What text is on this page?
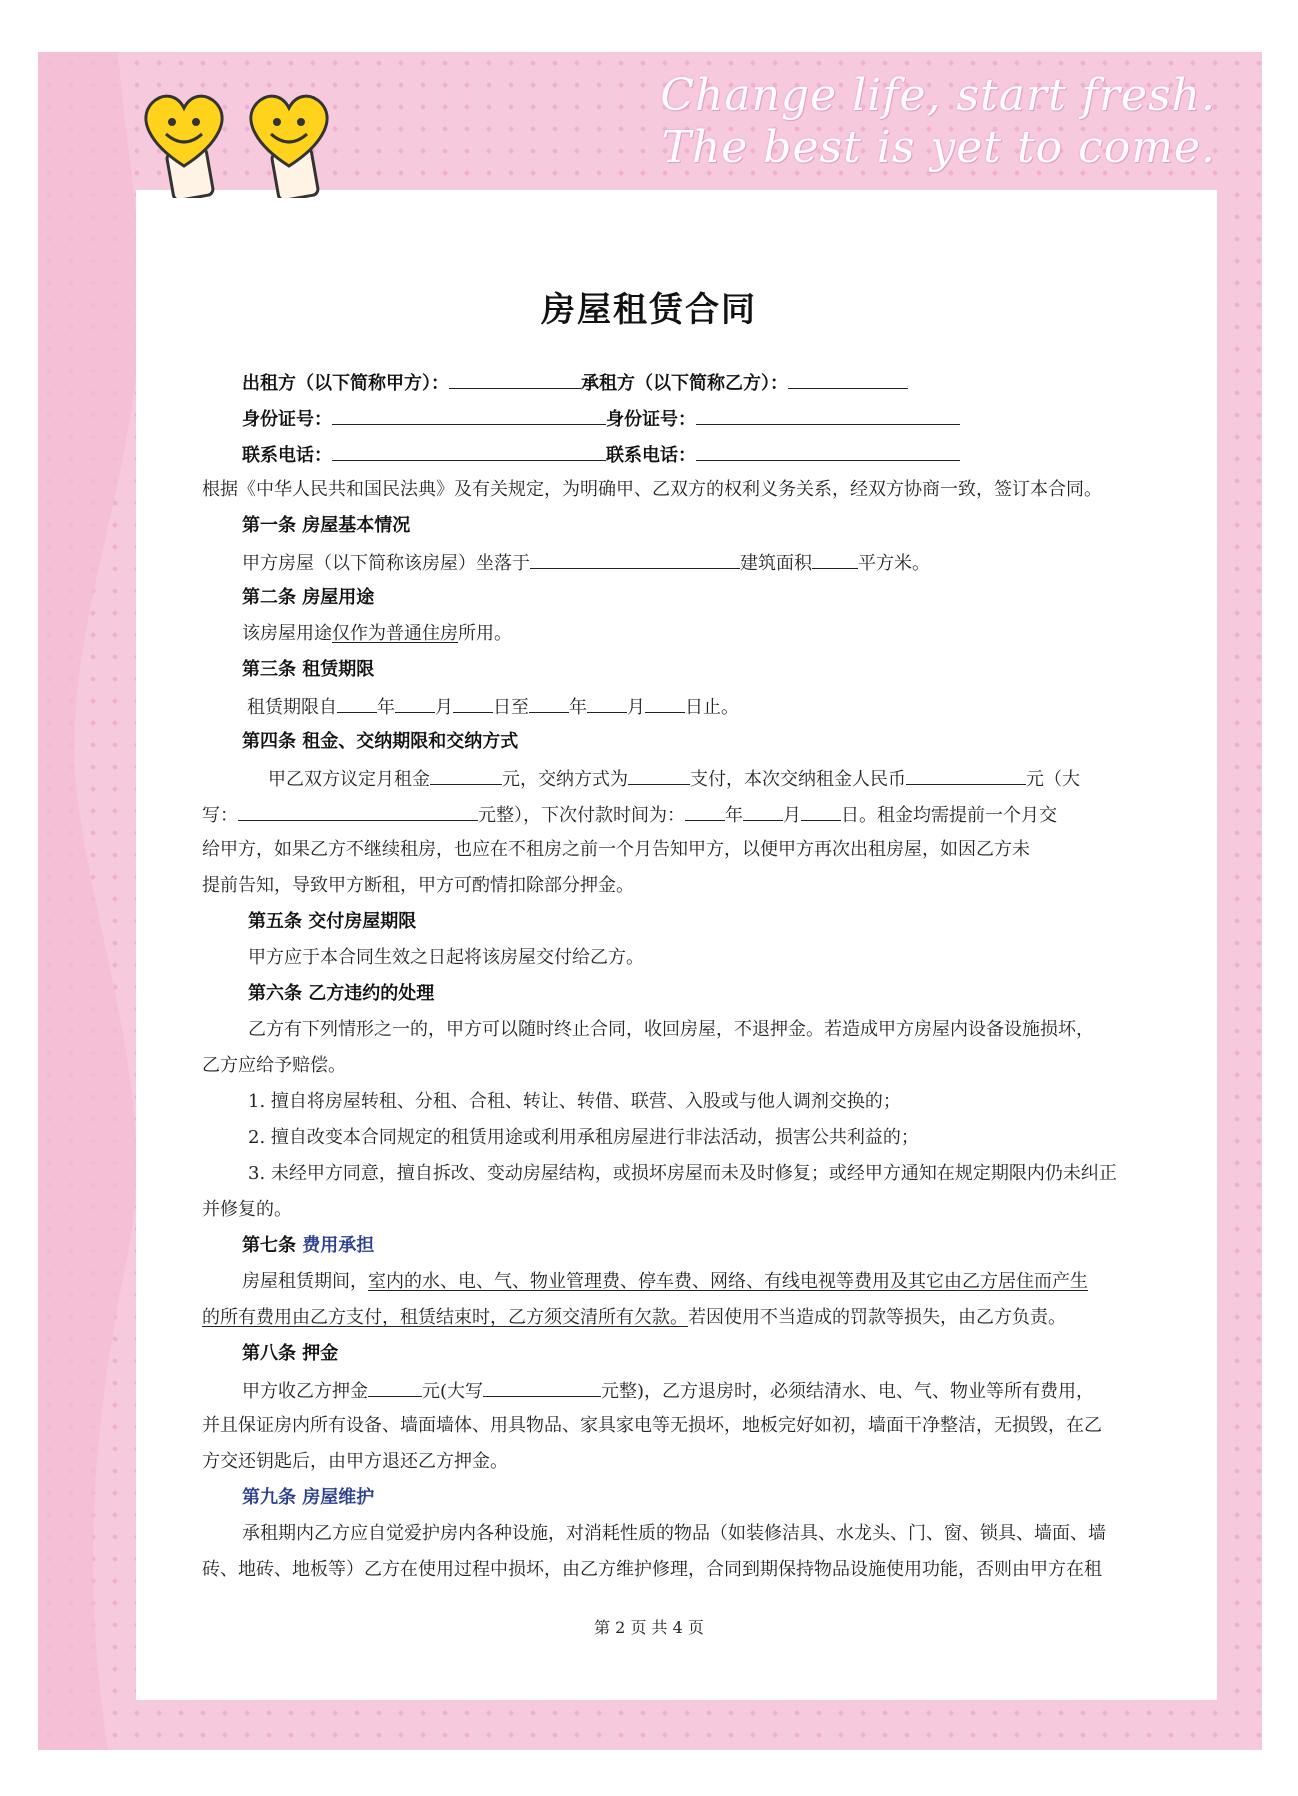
Change life, start fresh.
The best is yet to come.
房屋租赁合同
出租方（以下简称甲方）：	承租方（以下简称乙方）：
身份证号：	身份证号：
联系电话：	联系电话：
根据《中华人民共和国民法典》及有关规定，为明确甲、乙双方的权利义务关系，经双方协商一致，签订本合同。
第一条 房屋基本情况
甲方房屋（以下简称该房屋）坐落于	建筑面积	平方米。
第二条 房屋用途
该房屋用途仅作为普通住房所用。
第三条 租赁期限
租赁期限自 年 月 日至 年 月 日止。
第四条 租金、交纳期限和交纳方式
甲乙双方议定月租金	元，交纳方式为	支付，本次交纳租金人民币	元（大
写：	元整），下次付款时间为： 年 月 日。租金均需提前一个月交
给甲方，如果乙方不继续租房，也应在不租房之前一个月告知甲方，以便甲方再次出租房屋，如因乙方未
提前告知，导致甲方断租，甲方可酌情扣除部分押金。
第五条 交付房屋期限
甲方应于本合同生效之日起将该房屋交付给乙方。
第六条 乙方违约的处理
乙方有下列情形之一的，甲方可以随时终止合同，收回房屋，不退押金。若造成甲方房屋内设备设施损坏，
乙方应给予赔偿。
1. 擅自将房屋转租、分租、合租、转让、转借、联营、入股或与他人调剂交换的；
2. 擅自改变本合同规定的租赁用途或利用承租房屋进行非法活动，损害公共利益的；
3. 未经甲方同意，擅自拆改、变动房屋结构，或损坏房屋而未及时修复；或经甲方通知在规定期限内仍未纠正
并修复的。
第七条 费用承担
房屋租赁期间，室内的水、电、气、物业管理费、停车费、网络、有线电视等费用及其它由乙方居住而产生
的所有费用由乙方支付，租赁结束时，乙方须交清所有欠款。若因使用不当造成的罚款等损失，由乙方负责。
第八条 押金
甲方收乙方押金	元(大写	元整)，乙方退房时，必须结清水、电、气、物业等所有费用，
并且保证房内所有设备、墙面墙体、用具物品、家具家电等无损坏，地板完好如初，墙面干净整洁，无损毁，在乙
方交还钥匙后，由甲方退还乙方押金。
第九条 房屋维护
承租期内乙方应自觉爱护房内各种设施，对消耗性质的物品（如装修洁具、水龙头、门、窗、锁具、墙面、墙
砖、地砖、地板等）乙方在使用过程中损坏，由乙方维护修理，合同到期保持物品设施使用功能，否则由甲方在租
第 2 页 共 4 页
